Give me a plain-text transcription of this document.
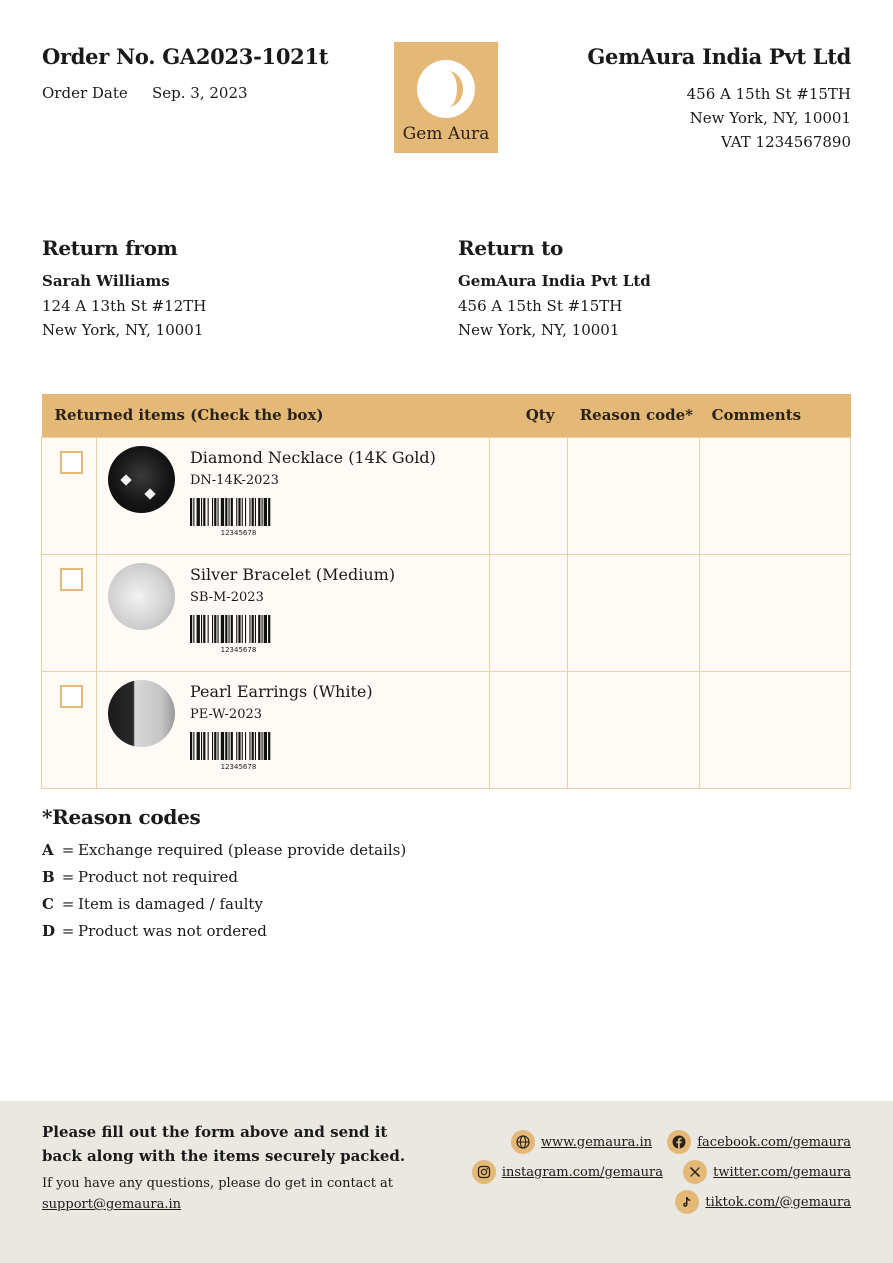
Order No. GA2023-1021t
Order Date Sep. 3, 2023
Gem Aura
GemAura India Pvt Ltd
456 A 15th St #15TH
New York, NY, 10001
VAT 1234567890
Return from
Sarah Williams
124 A 13th St #12TH
New York, NY, 10001
Return to
GemAura India Pvt Ltd
456 A 15th St #15TH
New York, NY, 10001
Returned items (Check the box)		Qty	Reason code*	Comments

	Diamond Necklace (14K Gold)
DN-14K-2023
12345678			

	Silver Bracelet (Medium)
SB-M-2023
12345678			

	Pearl Earrings (White)
PE-W-2023
12345678			

*Reason codes
A = Exchange required (please provide details)
B = Product not required
C = Item is damaged / faulty
D = Product was not ordered
Please fill out the form above and send it back along with the items securely packed.
If you have any questions, please do get in contact at
support@gemaura.in
www.gemaura.in	facebook.com/gemaura
instagram.com/gemaura	twitter.com/gemaura
tiktok.com/@gemaura
